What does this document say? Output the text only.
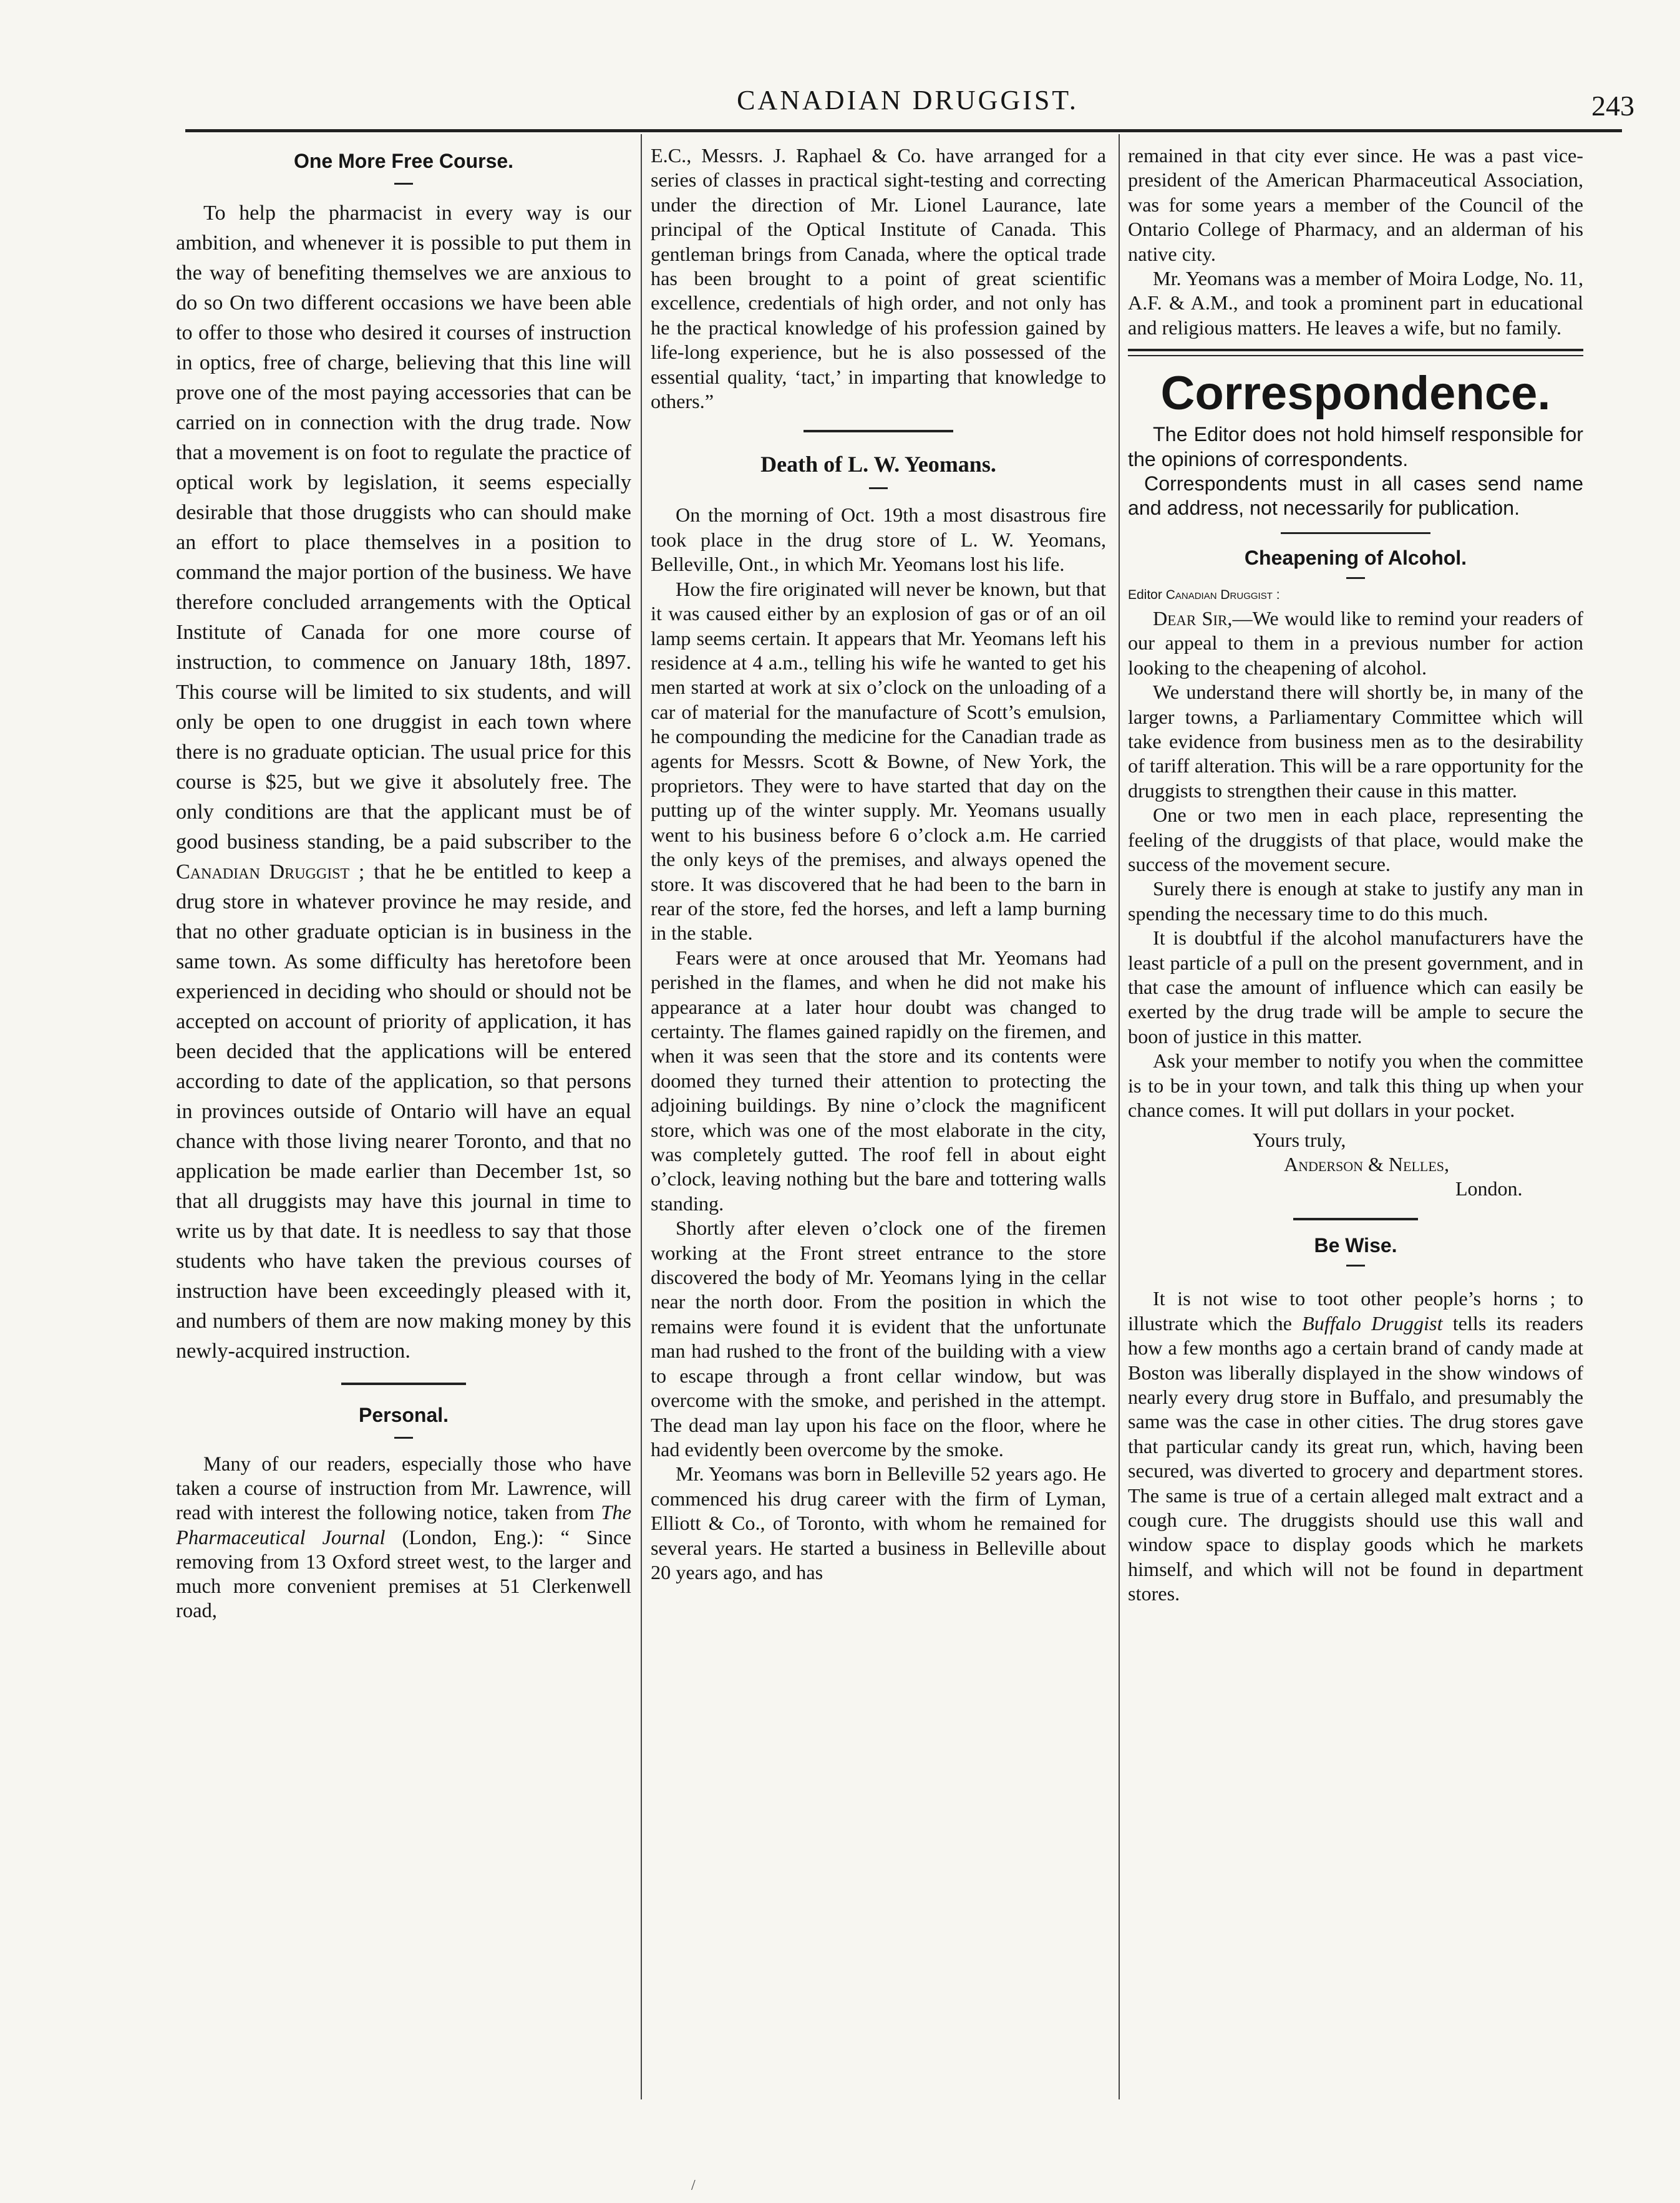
CANADIAN DRUGGIST.	243
One More Free Course.

To help the pharmacist in every way is our ambition, and whenever it is possible to put them in the way of benefiting themselves we are anxious to do so On two different occasions we have been able to offer to those who desired it courses of instruction in optics, free of charge, believing that this line will prove one of the most paying accessories that can be carried on in connection with the drug trade. Now that a movement is on foot to regulate the practice of optical work by legislation, it seems especially desirable that those druggists who can should make an effort to place themselves in a position to command the major portion of the business. We have therefore concluded arrangements with the Optical Institute of Canada for one more course of instruction, to commence on January 18th, 1897. This course will be limited to six students, and will only be open to one druggist in each town where there is no graduate optician. The usual price for this course is $25, but we give it absolutely free. The only conditions are that the applicant must be of good business standing, be a paid subscriber to the Canadian Druggist ; that he be entitled to keep a drug store in whatever province he may reside, and that no other graduate optician is in business in the same town. As some difficulty has heretofore been experienced in deciding who should or should not be accepted on account of priority of application, it has been decided that the applications will be entered according to date of the application, so that persons in provinces outside of Ontario will have an equal chance with those living nearer Toronto, and that no application be made earlier than December 1st, so that all druggists may have this journal in time to write us by that date. It is needless to say that those students who have taken the previous courses of instruction have been exceedingly pleased with it, and numbers of them are now making money by this newly-acquired instruction.

Personal.

Many of our readers, especially those who have taken a course of instruction from Mr. Lawrence, will read with interest the following notice, taken from The Pharmaceutical Journal (London, Eng.): “ Since removing from 13 Oxford street west, to the larger and much more convenient premises at 51 Clerkenwell road,

E.C., Messrs. J. Raphael & Co. have arranged for a series of classes in practical sight-testing and correcting under the direction of Mr. Lionel Laurance, late principal of the Optical Institute of Canada. This gentleman brings from Canada, where the optical trade has been brought to a point of great scientific excellence, credentials of high order, and not only has he the practical knowledge of his profession gained by life-long experience, but he is also possessed of the essential quality, ‘tact,’ in imparting that knowledge to others.”

Death of L. W. Yeomans.

On the morning of Oct. 19th a most disastrous fire took place in the drug store of L. W. Yeomans, Belleville, Ont., in which Mr. Yeomans lost his life.

How the fire originated will never be known, but that it was caused either by an explosion of gas or of an oil lamp seems certain. It appears that Mr. Yeomans left his residence at 4 a.m., telling his wife he wanted to get his men started at work at six o’clock on the unloading of a car of material for the manufacture of Scott’s emulsion, he compounding the medicine for the Canadian trade as agents for Messrs. Scott & Bowne, of New York, the proprietors. They were to have started that day on the putting up of the winter supply. Mr. Yeomans usually went to his business before 6 o’clock a.m. He carried the only keys of the premises, and always opened the store. It was discovered that he had been to the barn in rear of the store, fed the horses, and left a lamp burning in the stable.

Fears were at once aroused that Mr. Yeomans had perished in the flames, and when he did not make his appearance at a later hour doubt was changed to certainty. The flames gained rapidly on the firemen, and when it was seen that the store and its contents were doomed they turned their attention to protecting the adjoining buildings. By nine o’clock the magnificent store, which was one of the most elaborate in the city, was completely gutted. The roof fell in about eight o’clock, leaving nothing but the bare and tottering walls standing.

Shortly after eleven o’clock one of the firemen working at the Front street entrance to the store discovered the body of Mr. Yeomans lying in the cellar near the north door. From the position in which the remains were found it is evident that the unfortunate man had rushed to the front of the building with a view to escape through a front cellar window, but was overcome with the smoke, and perished in the attempt. The dead man lay upon his face on the floor, where he had evidently been overcome by the smoke.

Mr. Yeomans was born in Belleville 52 years ago. He commenced his drug career with the firm of Lyman, Elliott & Co., of Toronto, with whom he remained for several years. He started a business in Belleville about 20 years ago, and has

remained in that city ever since. He was a past vice-president of the American Pharmaceutical Association, was for some years a member of the Council of the Ontario College of Pharmacy, and an alderman of his native city.

Mr. Yeomans was a member of Moira Lodge, No. 11, A.F. & A.M., and took a prominent part in educational and religious matters. He leaves a wife, but no family.

Correspondence.

The Editor does not hold himself responsible for the opinions of correspondents.

Correspondents must in all cases send name and address, not necessarily for publication.

Cheapening of Alcohol.
Editor Canadian Druggist :

Dear Sir,—We would like to remind your readers of our appeal to them in a previous number for action looking to the cheapening of alcohol.

We understand there will shortly be, in many of the larger towns, a Parliamentary Committee which will take evidence from business men as to the desirability of tariff alteration. This will be a rare opportunity for the druggists to strengthen their cause in this matter.

One or two men in each place, representing the feeling of the druggists of that place, would make the success of the movement secure.

Surely there is enough at stake to justify any man in spending the necessary time to do this much.

It is doubtful if the alcohol manufacturers have the least particle of a pull on the present government, and in that case the amount of influence which can easily be exerted by the drug trade will be ample to secure the boon of justice in this matter.

Ask your member to notify you when the committee is to be in your town, and talk this thing up when your chance comes. It will put dollars in your pocket.

Yours truly,
Anderson & Nelles,
London.
Be Wise.

It is not wise to toot other people’s horns ; to illustrate which the Buffalo Druggist tells its readers how a few months ago a certain brand of candy made at Boston was liberally displayed in the show windows of nearly every drug store in Buffalo, and presumably the same was the case in other cities. The drug stores gave that particular candy its great run, which, having been secured, was diverted to grocery and department stores. The same is true of a certain alleged malt extract and a cough cure. The druggists should use this wall and window space to display goods which he markets himself, and which will not be found in department stores.

/
